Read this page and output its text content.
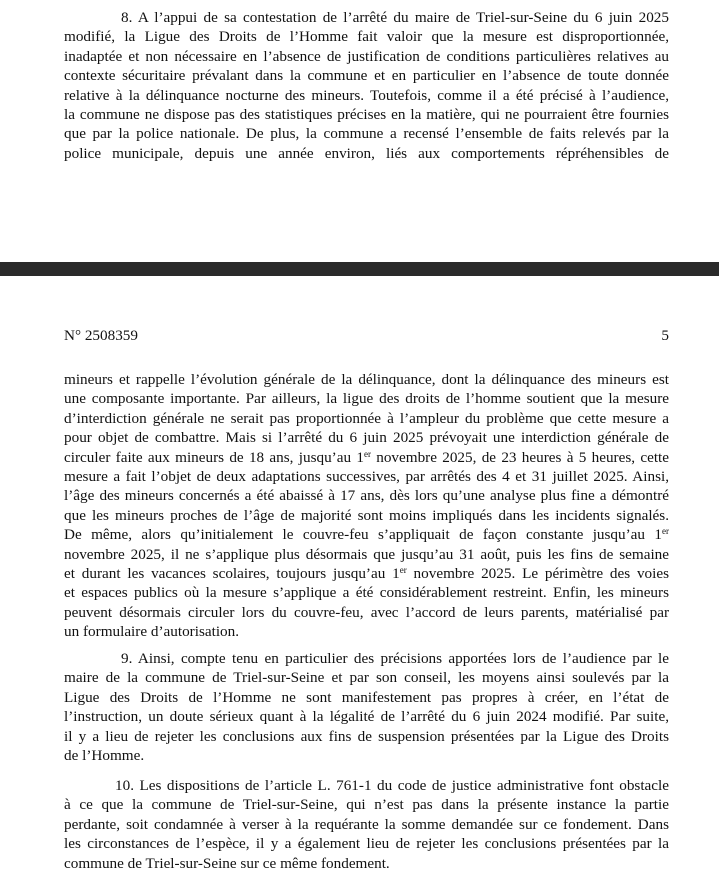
8. A l’appui de sa contestation de l’arrêté du maire de Triel-sur-Seine du 6 juin 2025
modifié, la Ligue des Droits de l’Homme fait valoir que la mesure est disproportionnée,
inadaptée et non nécessaire en l’absence de justification de conditions particulières relatives au
contexte sécuritaire prévalant dans la commune et en particulier en l’absence de toute donnée
relative à la délinquance nocturne des mineurs. Toutefois, comme il a été précisé à l’audience,
la commune ne dispose pas des statistiques précises en la matière, qui ne pourraient être fournies
que par la police nationale. De plus, la commune a recensé l’ensemble de faits relevés par la
police municipale, depuis une année environ, liés aux comportements répréhensibles de

N° 2508359	5

mineurs et rappelle l’évolution générale de la délinquance, dont la délinquance des mineurs est
une composante importante. Par ailleurs, la ligue des droits de l’homme soutient que la mesure
d’interdiction générale ne serait pas proportionnée à l’ampleur du problème que cette mesure a
pour objet de combattre. Mais si l’arrêté du 6 juin 2025 prévoyait une interdiction générale de
circuler faite aux mineurs de 18 ans, jusqu’au 1er novembre 2025, de 23 heures à 5 heures, cette
mesure a fait l’objet de deux adaptations successives, par arrêtés des 4 et 31 juillet 2025. Ainsi,
l’âge des mineurs concernés a été abaissé à 17 ans, dès lors qu’une analyse plus fine a démontré
que les mineurs proches de l’âge de majorité sont moins impliqués dans les incidents signalés.
De même, alors qu’initialement le couvre-feu s’appliquait de façon constante jusqu’au 1er
novembre 2025, il ne s’applique plus désormais que jusqu’au 31 août, puis les fins de semaine
et durant les vacances scolaires, toujours jusqu’au 1er novembre 2025. Le périmètre des voies
et espaces publics où la mesure s’applique a été considérablement restreint. Enfin, les mineurs
peuvent désormais circuler lors du couvre-feu, avec l’accord de leurs parents, matérialisé par
un formulaire d’autorisation.

9. Ainsi, compte tenu en particulier des précisions apportées lors de l’audience par le
maire de la commune de Triel-sur-Seine et par son conseil, les moyens ainsi soulevés par la
Ligue des Droits de l’Homme ne sont manifestement pas propres à créer, en l’état de
l’instruction, un doute sérieux quant à la légalité de l’arrêté du 6 juin 2024 modifié. Par suite,
il y a lieu de rejeter les conclusions aux fins de suspension présentées par la Ligue des Droits
de l’Homme.

10. Les dispositions de l’article L. 761-1 du code de justice administrative font obstacle
à ce que la commune de Triel-sur-Seine, qui n’est pas dans la présente instance la partie
perdante, soit condamnée à verser à la requérante la somme demandée sur ce fondement. Dans
les circonstances de l’espèce, il y a également lieu de rejeter les conclusions présentées par la
commune de Triel-sur-Seine sur ce même fondement.
